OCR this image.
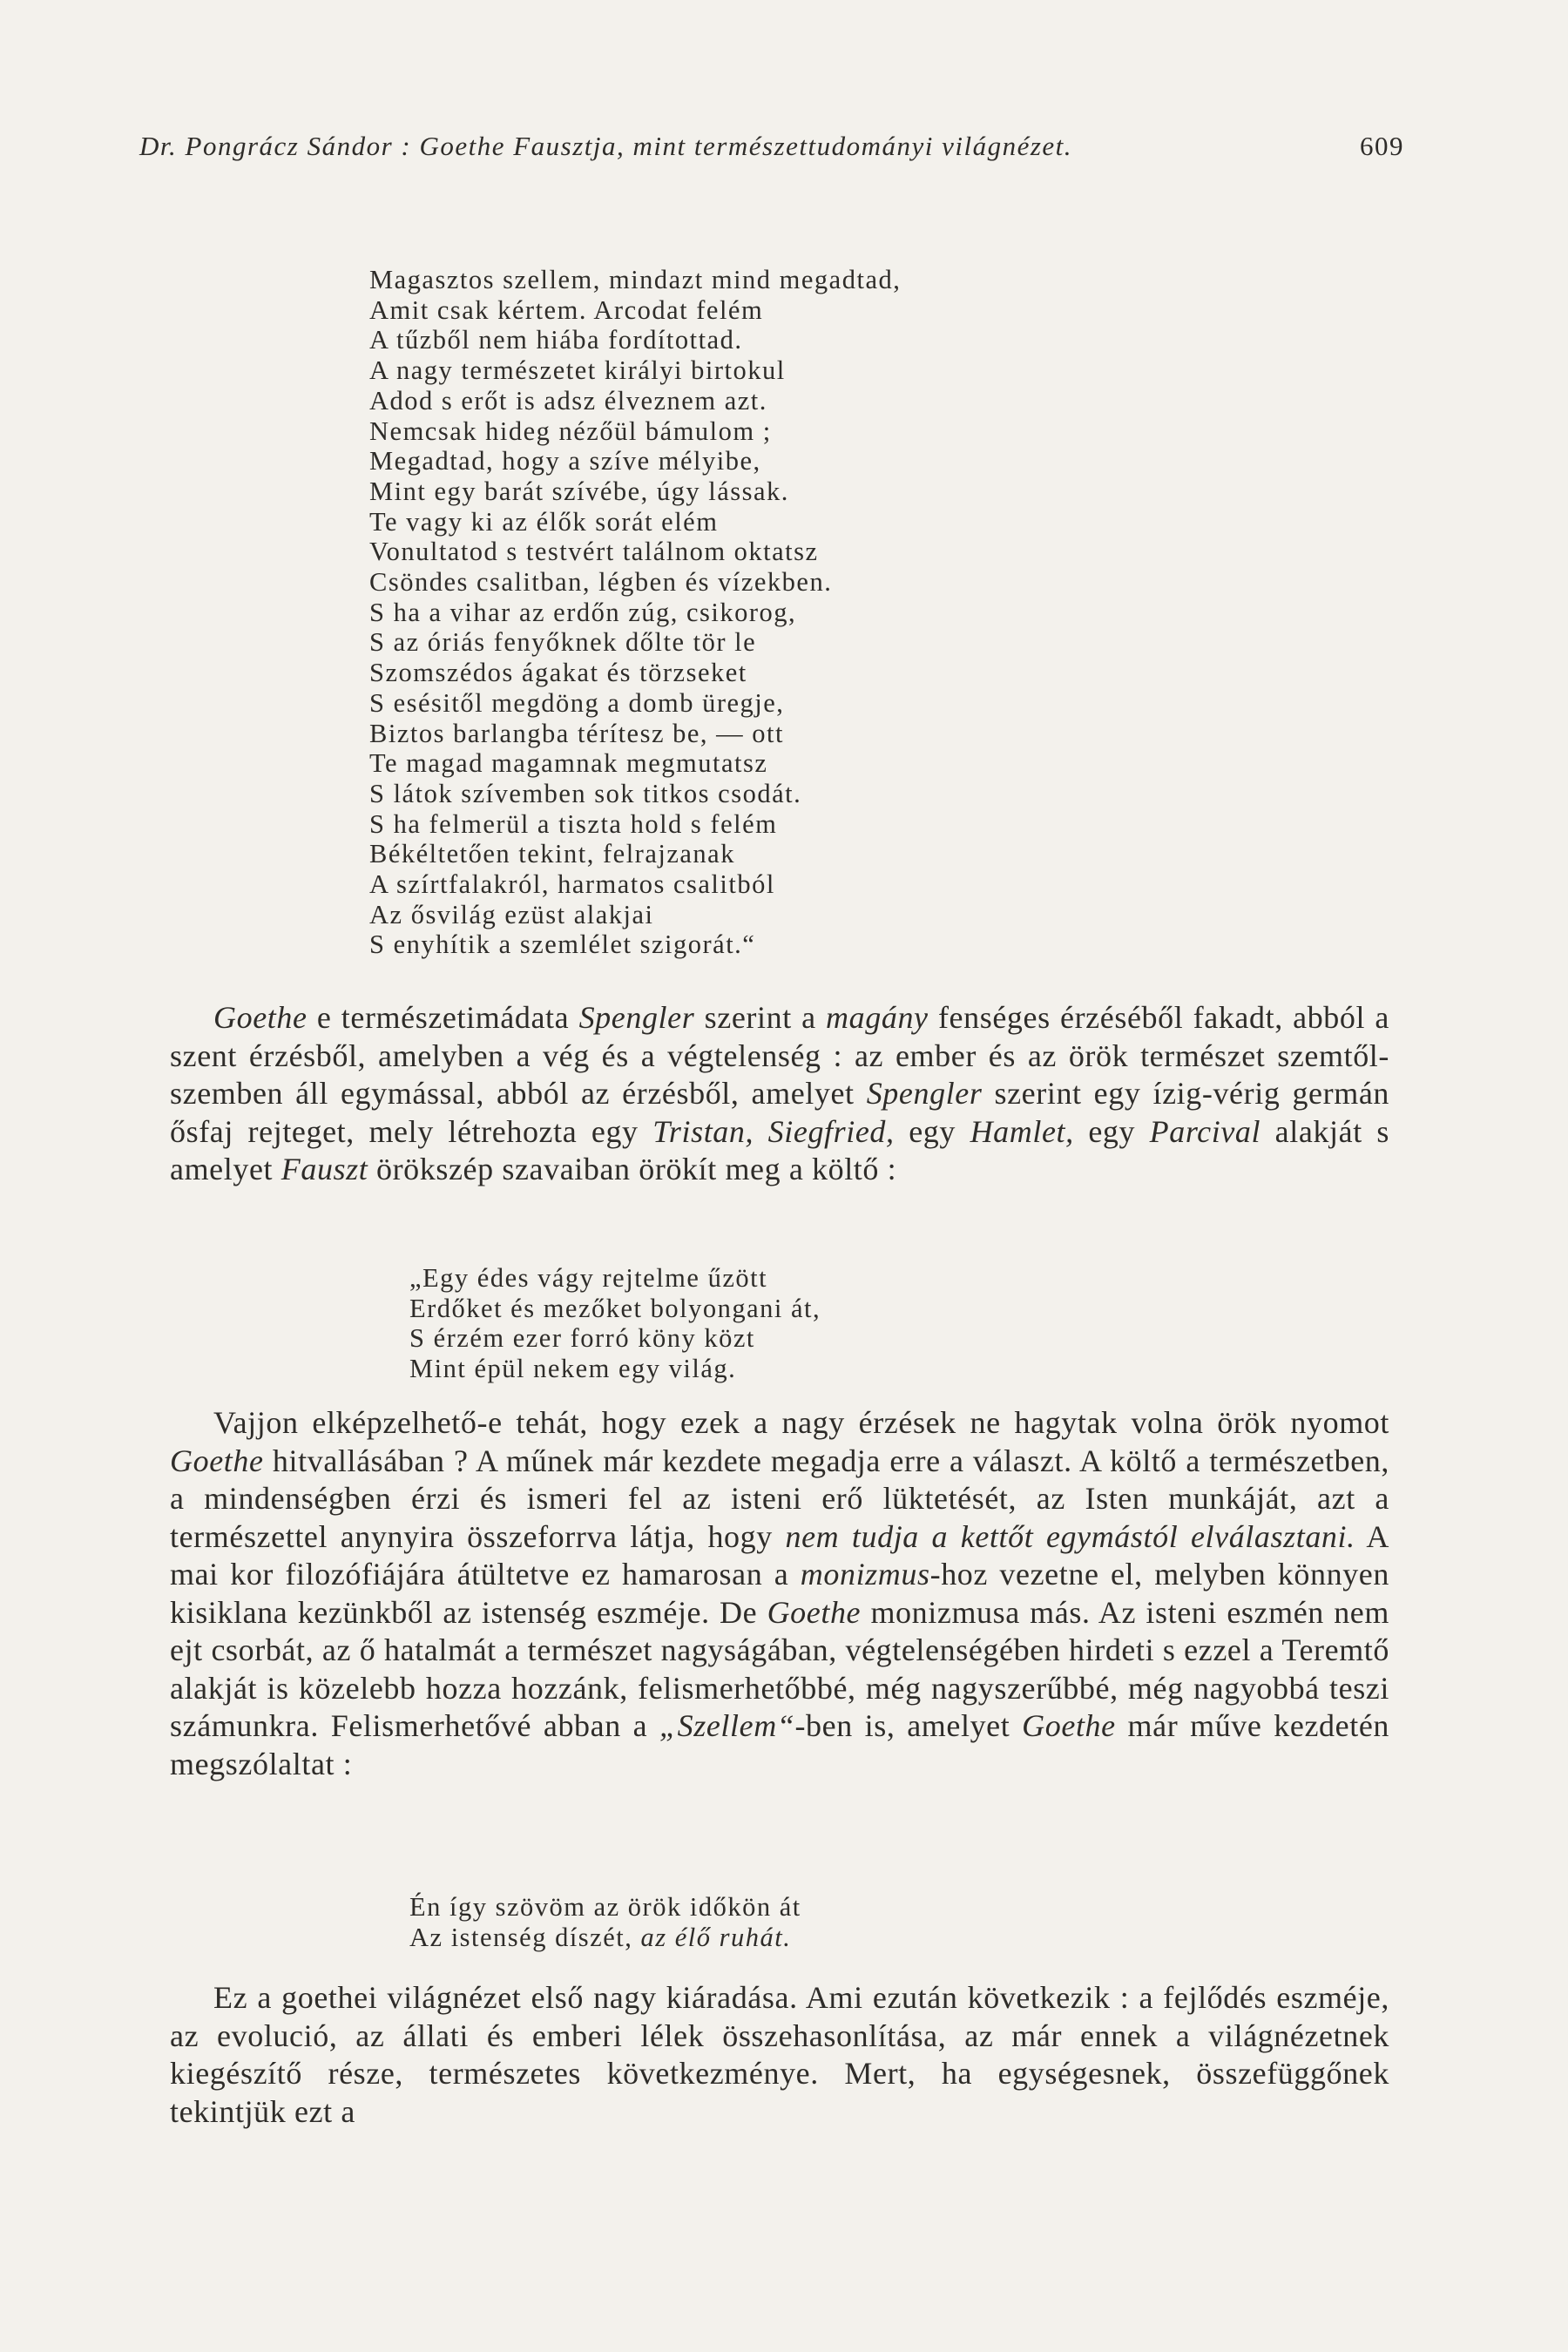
Dr. Pongrácz Sándor : Goethe Fausztja, mint természettudományi világnézet.	609
Magasztos szellem, mindazt mind megadtad,
Amit csak kértem. Arcodat felém
A tűzből nem hiába fordítottad.
A nagy természetet királyi birtokul
Adod s erőt is adsz élveznem azt.
Nemcsak hideg nézőül bámulom ;
Megadtad, hogy a szíve mélyibe,
Mint egy barát szívébe, úgy lássak.
Te vagy ki az élők sorát elém
Vonultatod s testvért találnom oktatsz
Csöndes csalitban, légben és vízekben.
S ha a vihar az erdőn zúg, csikorog,
S az óriás fenyőknek dőlte tör le
Szomszédos ágakat és törzseket
S esésitől megdöng a domb üregje,
Biztos barlangba térítesz be, — ott
Te magad magamnak megmutatsz
S látok szívemben sok titkos csodát.
S ha felmerül a tiszta hold s felém
Békéltetően tekint, felrajzanak
A szírtfalakról, harmatos csalitból
Az ősvilág ezüst alakjai
S enyhítik a szemlélet szigorát.“

Goethe e természetimádata Spengler szerint a magány fenséges érzéséből fakadt, abból a szent érzésből, amelyben a vég és a végtelenség : az ember és az örök természet szemtől-szemben áll egymással, abból az érzésből, amelyet Spengler szerint egy ízig-vérig germán ősfaj rejteget, mely létrehozta egy Tristan, Siegfried, egy Hamlet, egy Parcival alakját s amelyet Fauszt örökszép szavaiban örökít meg a költő :

„Egy édes vágy rejtelme űzött
Erdőket és mezőket bolyongani át,
S érzém ezer forró köny közt
Mint épül nekem egy világ.

Vajjon elképzelhető-e tehát, hogy ezek a nagy érzések ne hagytak volna örök nyomot Goethe hitvallásában ? A műnek már kezdete megadja erre a választ. A költő a természetben, a mindenségben érzi és ismeri fel az isteni erő lüktetését, az Isten munkáját, azt a természettel anynyira összeforrva látja, hogy nem tudja a kettőt egymástól elválasztani. A mai kor filozófiájára átültetve ez hamarosan a monizmus-hoz vezetne el, melyben könnyen kisiklana kezünkből az istenség eszméje. De Goethe monizmusa más. Az isteni eszmén nem ejt csorbát, az ő hatalmát a természet nagyságában, végtelenségében hirdeti s ezzel a Teremtő alakját is közelebb hozza hozzánk, felismerhetőbbé, még nagyszerűbbé, még nagyobbá teszi számunkra. Felismerhetővé abban a „Szellem“-ben is, amelyet Goethe már műve kezdetén megszólaltat :

Én így szövöm az örök időkön át
Az istenség díszét, az élő ruhát.

Ez a goethei világnézet első nagy kiáradása. Ami ezután következik : a fejlődés eszméje, az evolució, az állati és emberi lélek összehasonlítása, az már ennek a világnézetnek kiegészítő része, természetes következménye. Mert, ha egységesnek, összefüggőnek tekintjük ezt a
